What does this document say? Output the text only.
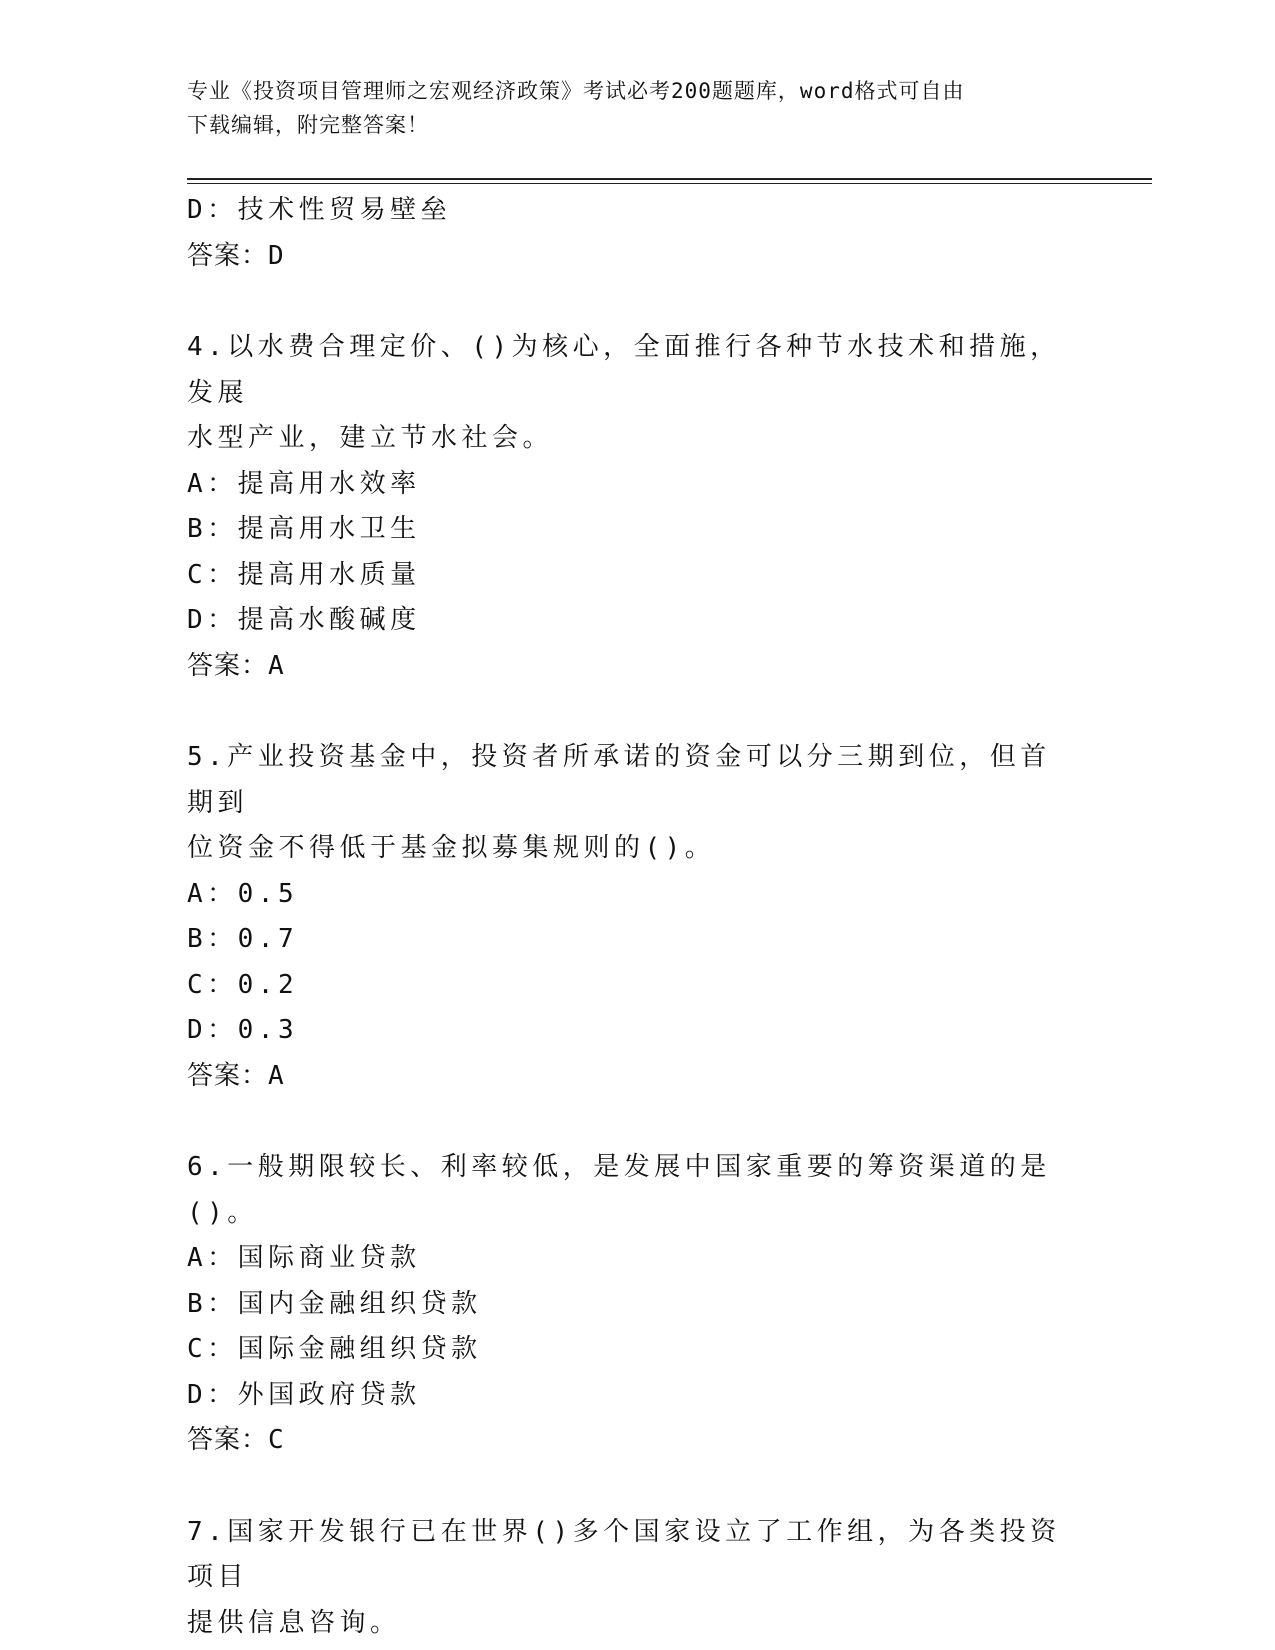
专业《投资项目管理师之宏观经济政策》考试必考200题题库，word格式可自由
下载编辑，附完整答案！

D：技术性贸易壁垒

答案：D

4.以水费合理定价、()为核心，全面推行各种节水技术和措施，发展
水型产业，建立节水社会。

A：提高用水效率

B：提高用水卫生

C：提高用水质量

D：提高水酸碱度

答案：A

5.产业投资基金中，投资者所承诺的资金可以分三期到位，但首期到
位资金不得低于基金拟募集规则的()。

A：0.5

B：0.7

C：0.2

D：0.3

答案：A

6.一般期限较长、利率较低，是发展中国家重要的筹资渠道的是()。

A：国际商业贷款

B：国内金融组织贷款

C：国际金融组织贷款

D：外国政府贷款

答案：C

7.国家开发银行已在世界()多个国家设立了工作组，为各类投资项目
提供信息咨询。
